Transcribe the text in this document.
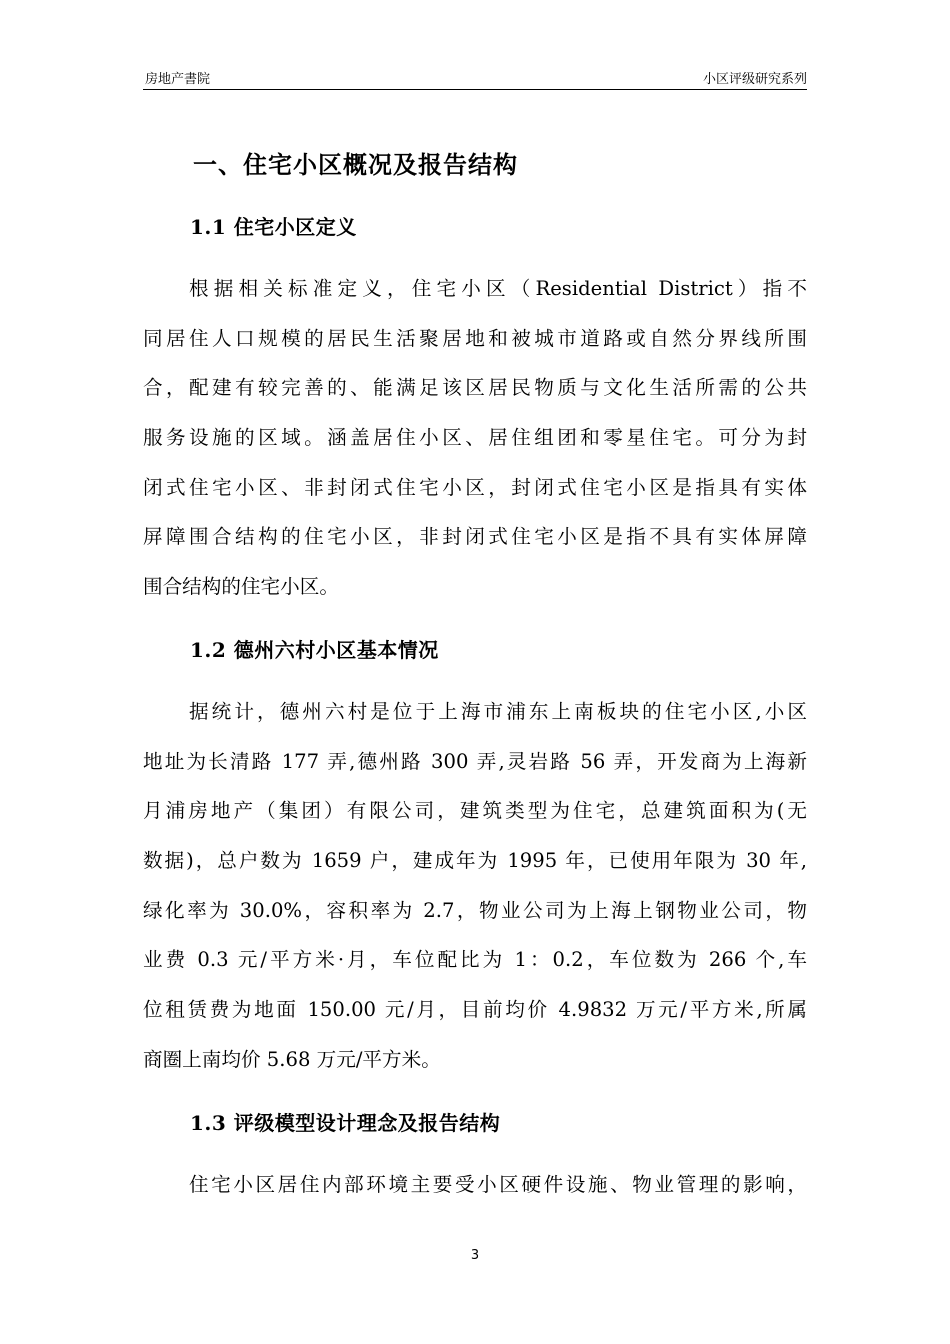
房地产書院	小区评级研究系列
一、住宅小区概况及报告结构
1.1 住宅小区定义

根据相关标准定义，住宅小区（Residential District）指不
同居住人口规模的居民生活聚居地和被城市道路或自然分界线所围
合，配建有较完善的、能满足该区居民物质与文化生活所需的公共
服务设施的区域。涵盖居住小区、居住组团和零星住宅。可分为封
闭式住宅小区、非封闭式住宅小区，封闭式住宅小区是指具有实体
屏障围合结构的住宅小区，非封闭式住宅小区是指不具有实体屏障
围合结构的住宅小区。

1.2 德州六村小区基本情况

据统计，德州六村是位于上海市浦东上南板块的住宅小区,小区
地址为长清路 177 弄,德州路 300 弄,灵岩路 56 弄，开发商为上海新
月浦房地产（集团）有限公司，建筑类型为住宅，总建筑面积为(无
数据)，总户数为 1659 户，建成年为 1995 年，已使用年限为 30 年,
绿化率为 30.0%，容积率为 2.7，物业公司为上海上钢物业公司，物
业费 0.3 元/平方米·月，车位配比为 1：0.2，车位数为 266 个,车
位租赁费为地面 150.00 元/月，目前均价 4.9832 万元/平方米,所属
商圈上南均价 5.68 万元/平方米。

1.3 评级模型设计理念及报告结构

住宅小区居住内部环境主要受小区硬件设施、物业管理的影响，

3
